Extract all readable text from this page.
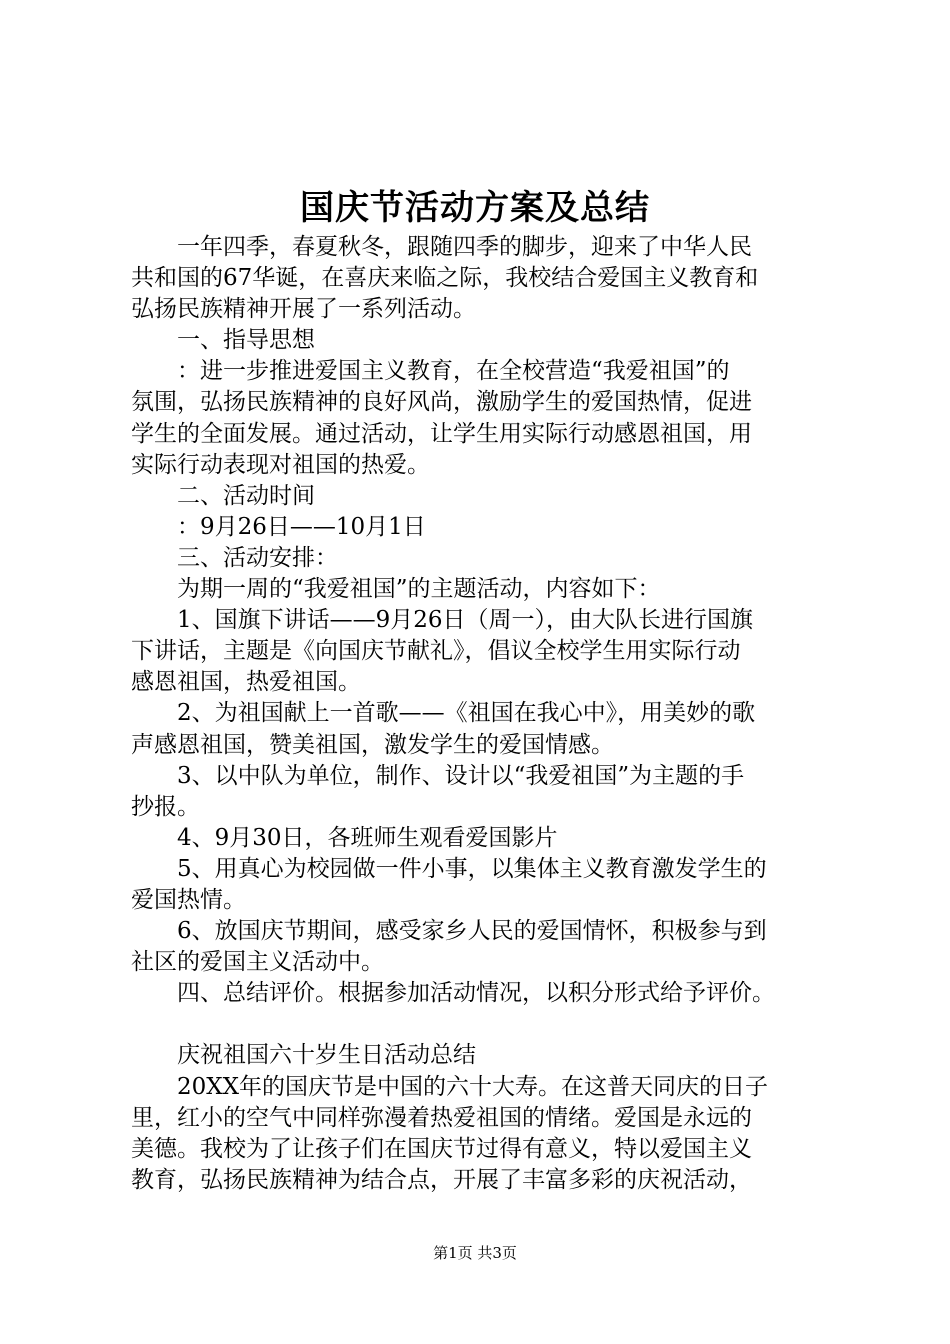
国庆节活动方案及总结
　　一年四季，春夏秋冬，跟随四季的脚步，迎来了中华人民
共和国的67华诞，在喜庆来临之际，我校结合爱国主义教育和
弘扬民族精神开展了一系列活动。
　　一、指导思想
　　：进一步推进爱国主义教育，在全校营造“我爱祖国”的
氛围，弘扬民族精神的良好风尚，激励学生的爱国热情，促进
学生的全面发展。通过活动，让学生用实际行动感恩祖国，用
实际行动表现对祖国的热爱。
　　二、活动时间
　　：9月26日——10月1日
　　三、活动安排：
　　为期一周的“我爱祖国”的主题活动，内容如下：
　　1、国旗下讲话——9月26日（周一），由大队长进行国旗
下讲话，主题是《向国庆节献礼》，倡议全校学生用实际行动
感恩祖国，热爱祖国。
　　2、为祖国献上一首歌——《祖国在我心中》，用美妙的歌
声感恩祖国，赞美祖国，激发学生的爱国情感。
　　3、以中队为单位，制作、设计以“我爱祖国”为主题的手
抄报。
　　4、9月30日，各班师生观看爱国影片
　　5、用真心为校园做一件小事，以集体主义教育激发学生的
爱国热情。
　　6、放国庆节期间，感受家乡人民的爱国情怀，积极参与到
社区的爱国主义活动中。
　　四、总结评价。根据参加活动情况，以积分形式给予评价。
　　庆祝祖国六十岁生日活动总结
　　20XX年的国庆节是中国的六十大寿。在这普天同庆的日子
里，红小的空气中同样弥漫着热爱祖国的情绪。爱国是永远的
美德。我校为了让孩子们在国庆节过得有意义，特以爱国主义
教育，弘扬民族精神为结合点，开展了丰富多彩的庆祝活动，
第1页 共3页
